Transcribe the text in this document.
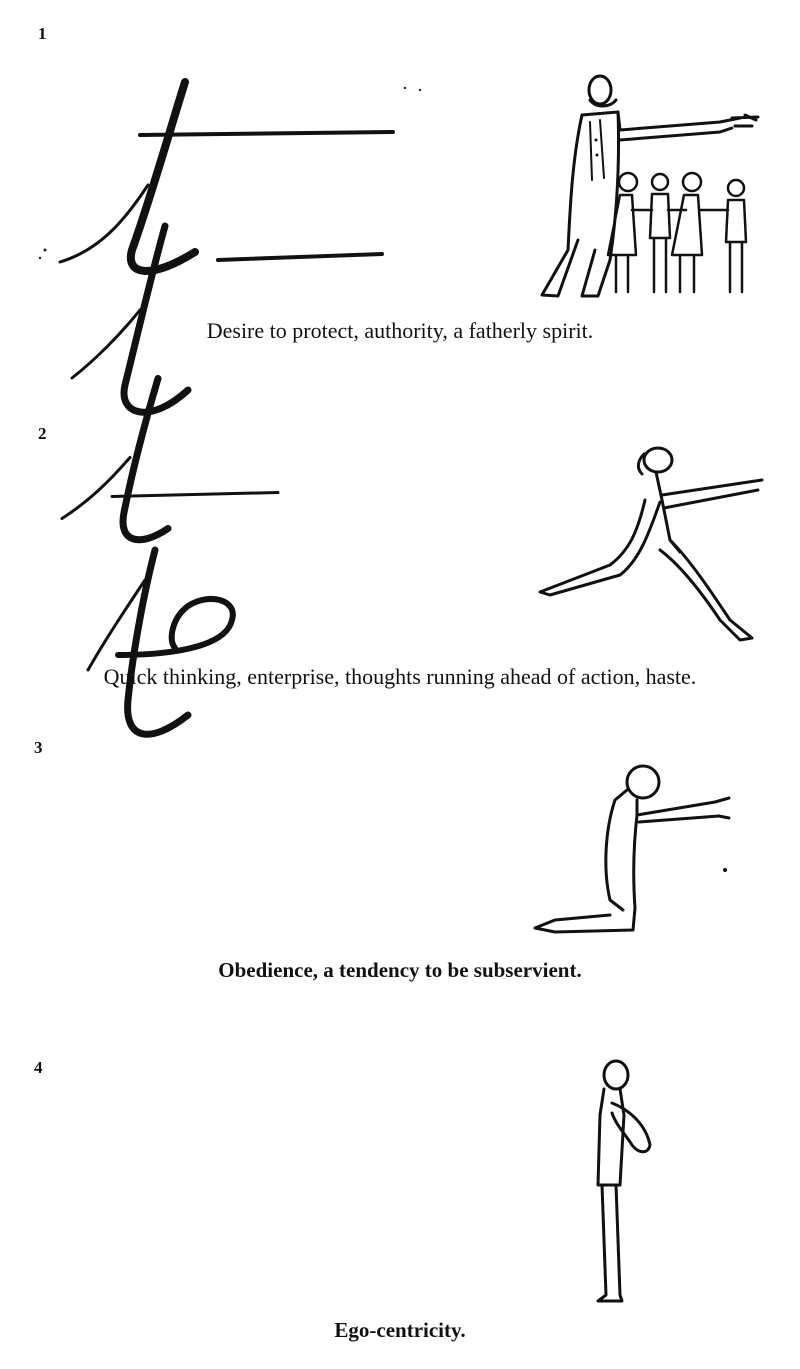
1
Desire to protect, authority, a fatherly spirit.
2
Quick thinking, enterprise, thoughts running ahead of action, haste.
3
Obedience, a tendency to be subservient.
4
Ego-centricity.
